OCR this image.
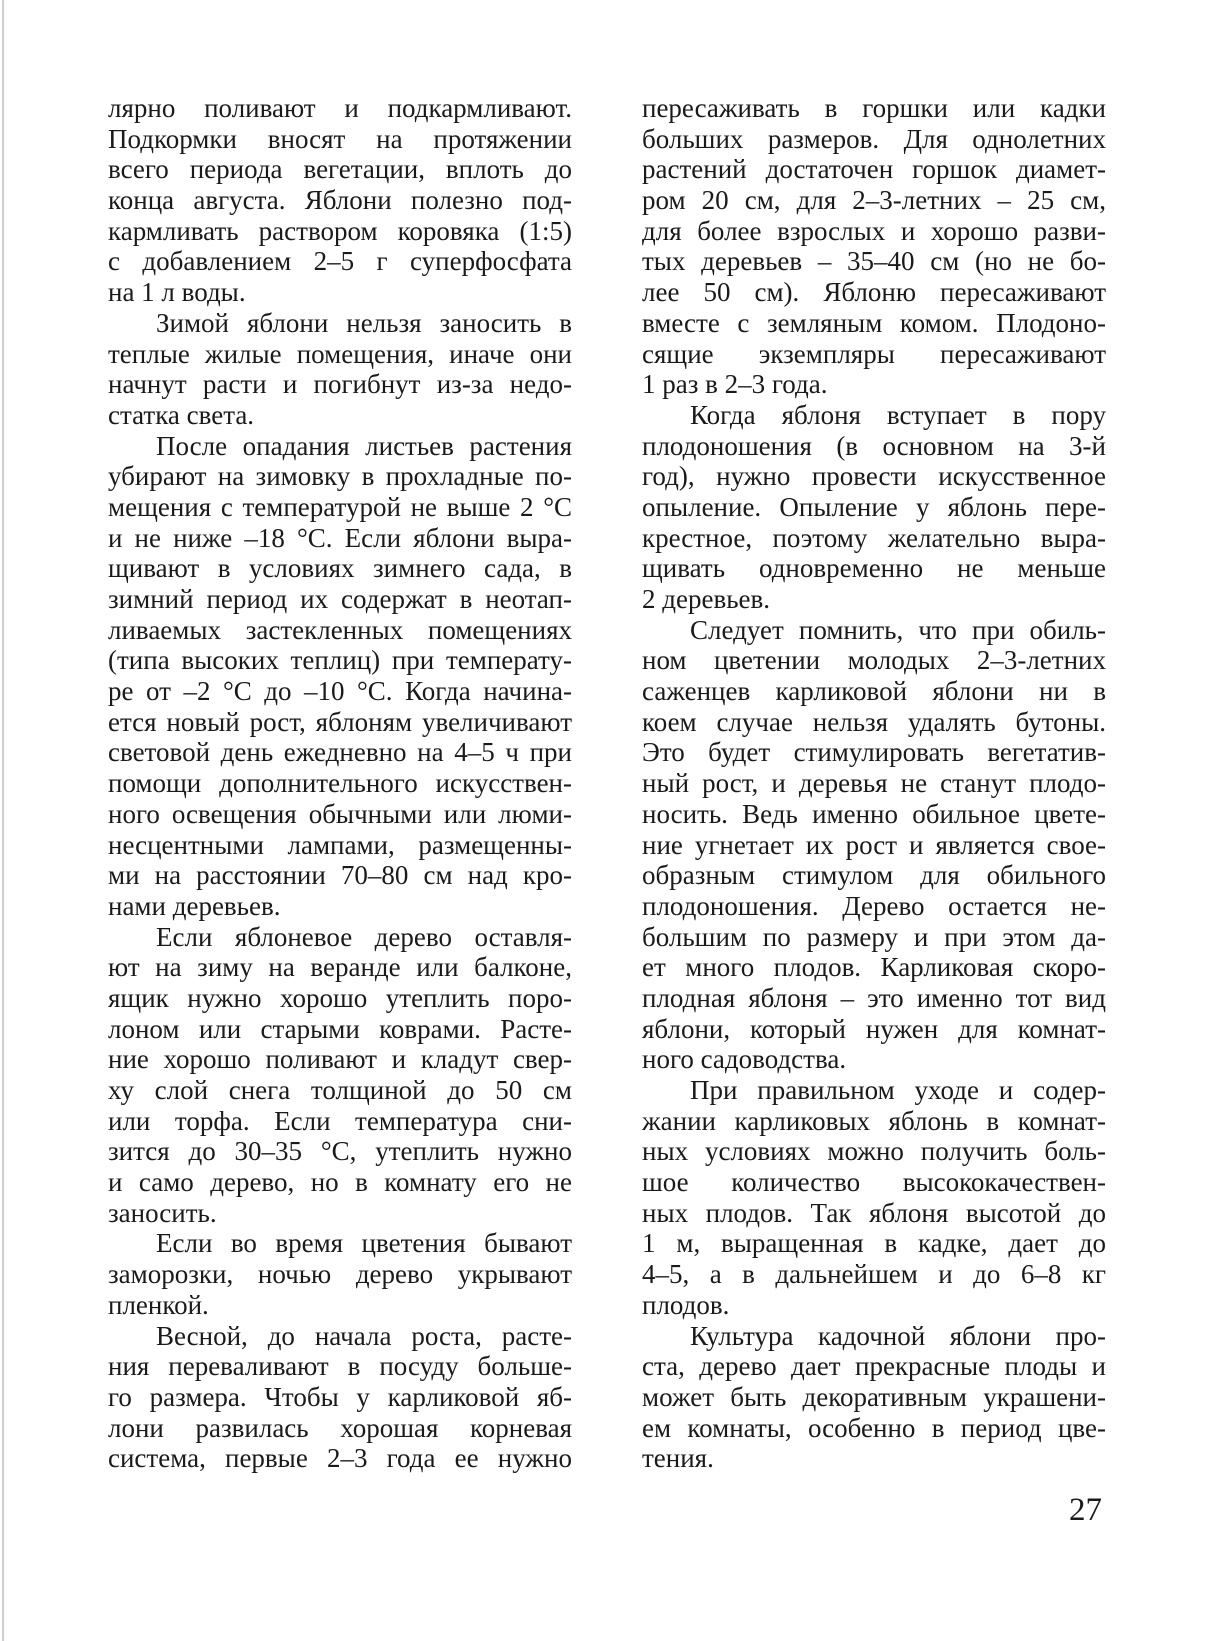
лярно поливают и подкармливают.
Подкормки вносят на протяжении
всего периода вегетации, вплоть до
конца августа. Яблони полезно под-
кармливать раствором коровяка (1:5)
с добавлением 2–5 г суперфосфата
на 1 л воды.
Зимой яблони нельзя заносить в
теплые жилые помещения, иначе они
начнут расти и погибнут из-за недо-
статка света.
После опадания листьев растения
убирают на зимовку в прохладные по-
мещения с температурой не выше 2 °С
и не ниже –18 °С. Если яблони выра-
щивают в условиях зимнего сада, в
зимний период их содержат в неотап-
ливаемых застекленных помещениях
(типа высоких теплиц) при температу-
ре от –2 °С до –10 °С. Когда начина-
ется новый рост, яблоням увеличивают
световой день ежедневно на 4–5 ч при
помощи дополнительного искусствен-
ного освещения обычными или люми-
несцентными лампами, размещенны-
ми на расстоянии 70–80 см над кро-
нами деревьев.
Если яблоневое дерево оставля-
ют на зиму на веранде или балконе,
ящик нужно хорошо утеплить поро-
лоном или старыми коврами. Расте-
ние хорошо поливают и кладут свер-
ху слой снега толщиной до 50 см
или торфа. Если температура сни-
зится до 30–35 °С, утеплить нужно
и само дерево, но в комнату его не
заносить.
Если во время цветения бывают
заморозки, ночью дерево укрывают
пленкой.
Весной, до начала роста, расте-
ния переваливают в посуду большe-
го размера. Чтобы у карликовой яб-
лони развилась хорошая корневая
система, первые 2–3 года ее нужно
пересаживать в горшки или кадки
больших размеров. Для однолетних
растений достаточен горшок диамет-
ром 20 см, для 2–3-летних – 25 см,
для более взрослых и хорошо разви-
тых деревьев – 35–40 см (но не бо-
лее 50 см). Яблоню пересаживают
вместе с земляным комом. Плодоно-
сящие экземпляры пересаживают
1 раз в 2–3 года.
Когда яблоня вступает в пору
плодоношения (в основном на 3-й
год), нужно провести искусственное
опыление. Опыление у яблонь пере-
крестное, поэтому желательно выра-
щивать одновременно не меньше
2 деревьев.
Следует помнить, что при обиль-
ном цветении молодых 2–3-летних
саженцев карликовой яблони ни в
коем случае нельзя удалять бутоны.
Это будет стимулировать вегетатив-
ный рост, и деревья не станут плодо-
носить. Ведь именно обильное цвете-
ние угнетает их рост и является свое-
образным стимулом для обильного
плодоношения. Дерево остается не-
большим по размеру и при этом да-
ет много плодов. Карликовая скоро-
плодная яблоня – это именно тот вид
яблони, который нужен для комнат-
ного садоводства.
При правильном уходе и содер-
жании карликовых яблонь в комнат-
ных условиях можно получить боль-
шое количество высококачествен-
ных плодов. Так яблоня высотой до
1 м, выращенная в кадке, дает до
4–5, а в дальнейшем и до 6–8 кг
плодов.
Культура кадочной яблони про-
ста, дерево дает прекрасные плоды и
может быть декоративным украшени-
ем комнаты, особенно в период цве-
тения.
27
